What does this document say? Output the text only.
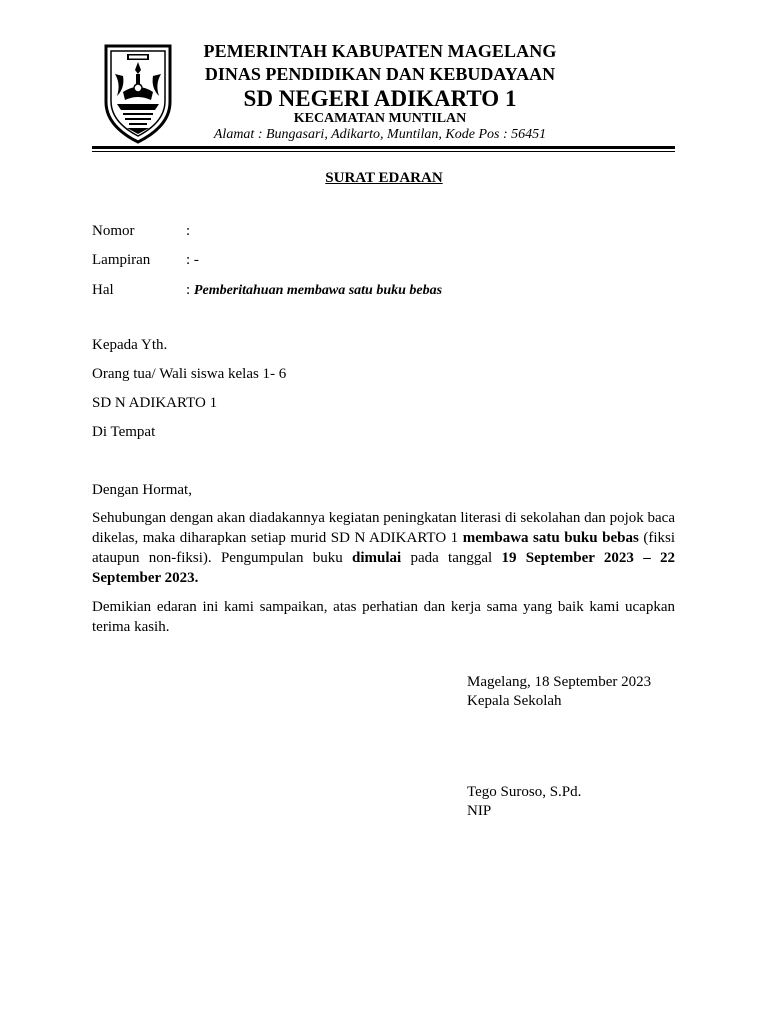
PEMERINTAH KABUPATEN MAGELANG
DINAS PENDIDIKAN DAN KEBUDAYAAN
SD NEGERI ADIKARTO 1
KECAMATAN MUNTILAN
Alamat : Bungasari, Adikarto, Muntilan, Kode Pos : 56451
SURAT EDARAN
Nomor	:
Lampiran : -
Hal	: Pemberitahuan membawa satu buku bebas
Kepada Yth.
Orang tua/ Wali siswa kelas 1- 6
SD N ADIKARTO 1
Di Tempat
Dengan Hormat,
Sehubungan dengan akan diadakannya kegiatan peningkatan literasi di sekolahan dan pojok baca dikelas, maka diharapkan setiap murid SD N ADIKARTO 1 membawa satu buku bebas (fiksi ataupun non-fiksi). Pengumpulan buku dimulai pada tanggal 19 September 2023 – 22 September 2023.
Demikian edaran ini kami sampaikan, atas perhatian dan kerja sama yang baik kami ucapkan terima kasih.
Magelang, 18 September 2023
Kepala Sekolah
Tego Suroso, S.Pd.
NIP
